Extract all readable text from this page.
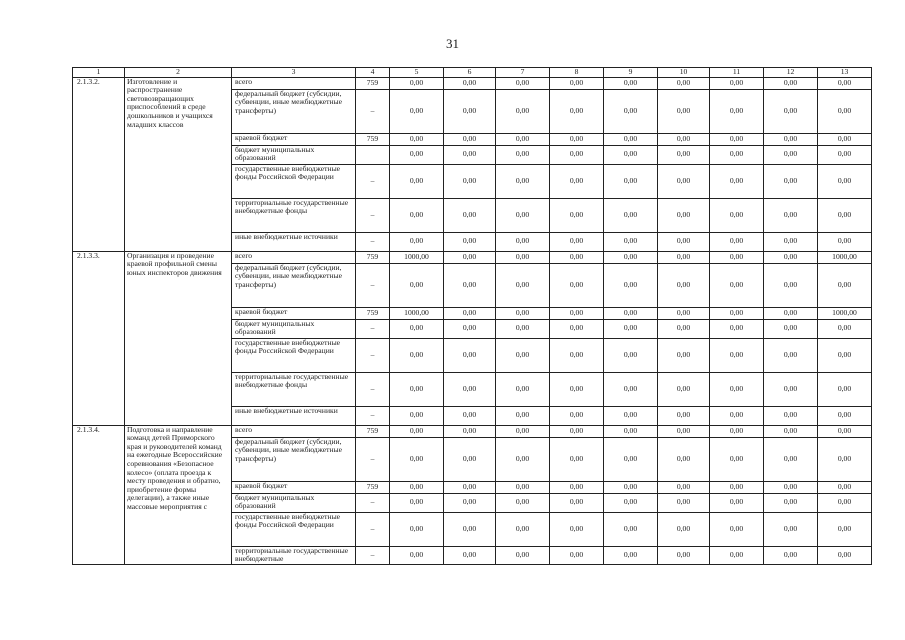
31
1	2	3	4	5	6	7	8	9	10	11	12	13
2.1.3.2.	Изготовление и распространение световозвращающих приспособлений в среде дошкольников и учащихся младших классов	всего	759	0,00	0,00	0,00	0,00	0,00	0,00	0,00	0,00	0,00
		федеральный бюджет (субсидии, субвенции, иные межбюджетные трансферты)	–	0,00	0,00	0,00	0,00	0,00	0,00	0,00	0,00	0,00
		краевой бюджет	759	0,00	0,00	0,00	0,00	0,00	0,00	0,00	0,00	0,00
		бюджет муниципальных образований		0,00	0,00	0,00	0,00	0,00	0,00	0,00	0,00	0,00
		государственные внебюджетные фонды Российской Федерации	–	0,00	0,00	0,00	0,00	0,00	0,00	0,00	0,00	0,00
		территориальные государственные внебюджетные фонды	–	0,00	0,00	0,00	0,00	0,00	0,00	0,00	0,00	0,00
		иные внебюджетные источники	–	0,00	0,00	0,00	0,00	0,00	0,00	0,00	0,00	0,00
2.1.3.3.	Организация и проведение краевой профильной смены юных инспекторов движения	всего	759	1000,00	0,00	0,00	0,00	0,00	0,00	0,00	0,00	1000,00
		федеральный бюджет (субсидии, субвенции, иные межбюджетные трансферты)	–	0,00	0,00	0,00	0,00	0,00	0,00	0,00	0,00	0,00
		краевой бюджет	759	1000,00	0,00	0,00	0,00	0,00	0,00	0,00	0,00	1000,00
		бюджет муниципальных образований	–	0,00	0,00	0,00	0,00	0,00	0,00	0,00	0,00	0,00
		государственные внебюджетные фонды Российской Федерации	–	0,00	0,00	0,00	0,00	0,00	0,00	0,00	0,00	0,00
		территориальные государственные внебюджетные фонды	–	0,00	0,00	0,00	0,00	0,00	0,00	0,00	0,00	0,00
		иные внебюджетные источники	–	0,00	0,00	0,00	0,00	0,00	0,00	0,00	0,00	0,00
2.1.3.4.	Подготовка и направление команд детей Приморского края и руководителей команд на ежегодные Всероссийские соревнования «Безопасное колесо» (оплата проезда к месту проведения и обратно, приобретение формы делегации), а также иные массовые мероприятия с	всего	759	0,00	0,00	0,00	0,00	0,00	0,00	0,00	0,00	0,00
		федеральный бюджет (субсидии, субвенции, иные межбюджетные трансферты)	–	0,00	0,00	0,00	0,00	0,00	0,00	0,00	0,00	0,00
		краевой бюджет	759	0,00	0,00	0,00	0,00	0,00	0,00	0,00	0,00	0,00
		бюджет муниципальных образований	–	0,00	0,00	0,00	0,00	0,00	0,00	0,00	0,00	0,00
		государственные внебюджетные фонды Российской Федерации	–	0,00	0,00	0,00	0,00	0,00	0,00	0,00	0,00	0,00
		территориальные государственные внебюджетные	–	0,00	0,00	0,00	0,00	0,00	0,00	0,00	0,00	0,00
